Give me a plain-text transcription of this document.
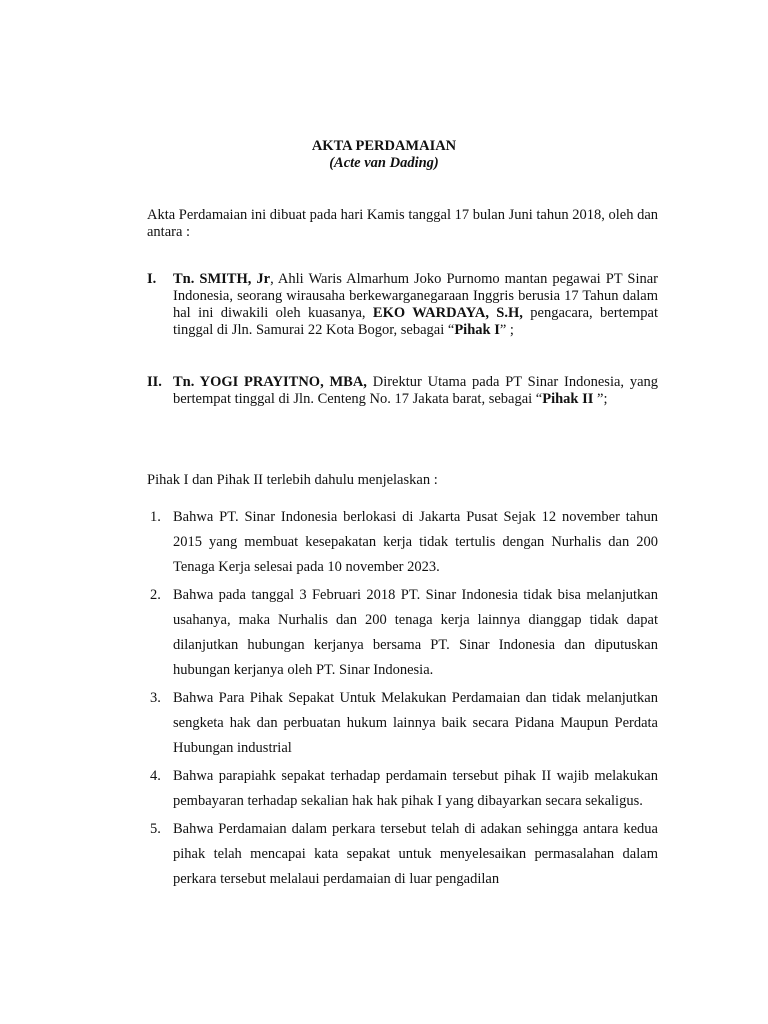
AKTA PERDAMAIAN
(Acte van Dading)
Akta Perdamaian ini dibuat pada hari Kamis tanggal 17 bulan Juni tahun 2018, oleh dan antara :
I. Tn. SMITH, Jr, Ahli Waris Almarhum Joko Purnomo mantan pegawai PT Sinar Indonesia, seorang wirausaha berkewarganegaraan Inggris berusia 17 Tahun dalam hal ini diwakili oleh kuasanya, EKO WARDAYA, S.H, pengacara, bertempat tinggal di Jln. Samurai 22 Kota Bogor, sebagai “Pihak I” ;
II. Tn. YOGI PRAYITNO, MBA, Direktur Utama pada PT Sinar Indonesia, yang bertempat tinggal di Jln. Centeng No. 17 Jakata barat, sebagai “Pihak II ”;
Pihak I dan Pihak II terlebih dahulu menjelaskan :
1. Bahwa PT. Sinar Indonesia berlokasi di Jakarta Pusat Sejak 12 november tahun 2015 yang membuat kesepakatan kerja tidak tertulis dengan Nurhalis dan 200 Tenaga Kerja selesai pada 10 november 2023.
2. Bahwa pada tanggal 3 Februari 2018 PT. Sinar Indonesia tidak bisa melanjutkan usahanya, maka Nurhalis dan 200 tenaga kerja lainnya dianggap tidak dapat dilanjutkan hubungan kerjanya bersama PT. Sinar Indonesia dan diputuskan hubungan kerjanya oleh PT. Sinar Indonesia.
3. Bahwa Para Pihak Sepakat Untuk Melakukan Perdamaian dan tidak melanjutkan sengketa hak dan perbuatan hukum lainnya baik secara Pidana Maupun Perdata Hubungan industrial
4. Bahwa parapiahk sepakat terhadap perdamain tersebut pihak II wajib melakukan pembayaran terhadap sekalian hak hak pihak I yang dibayarkan secara sekaligus.
5. Bahwa Perdamaian dalam perkara tersebut telah di adakan sehingga antara kedua pihak telah mencapai kata sepakat untuk menyelesaikan permasalahan dalam perkara tersebut melalaui perdamaian di luar pengadilan
